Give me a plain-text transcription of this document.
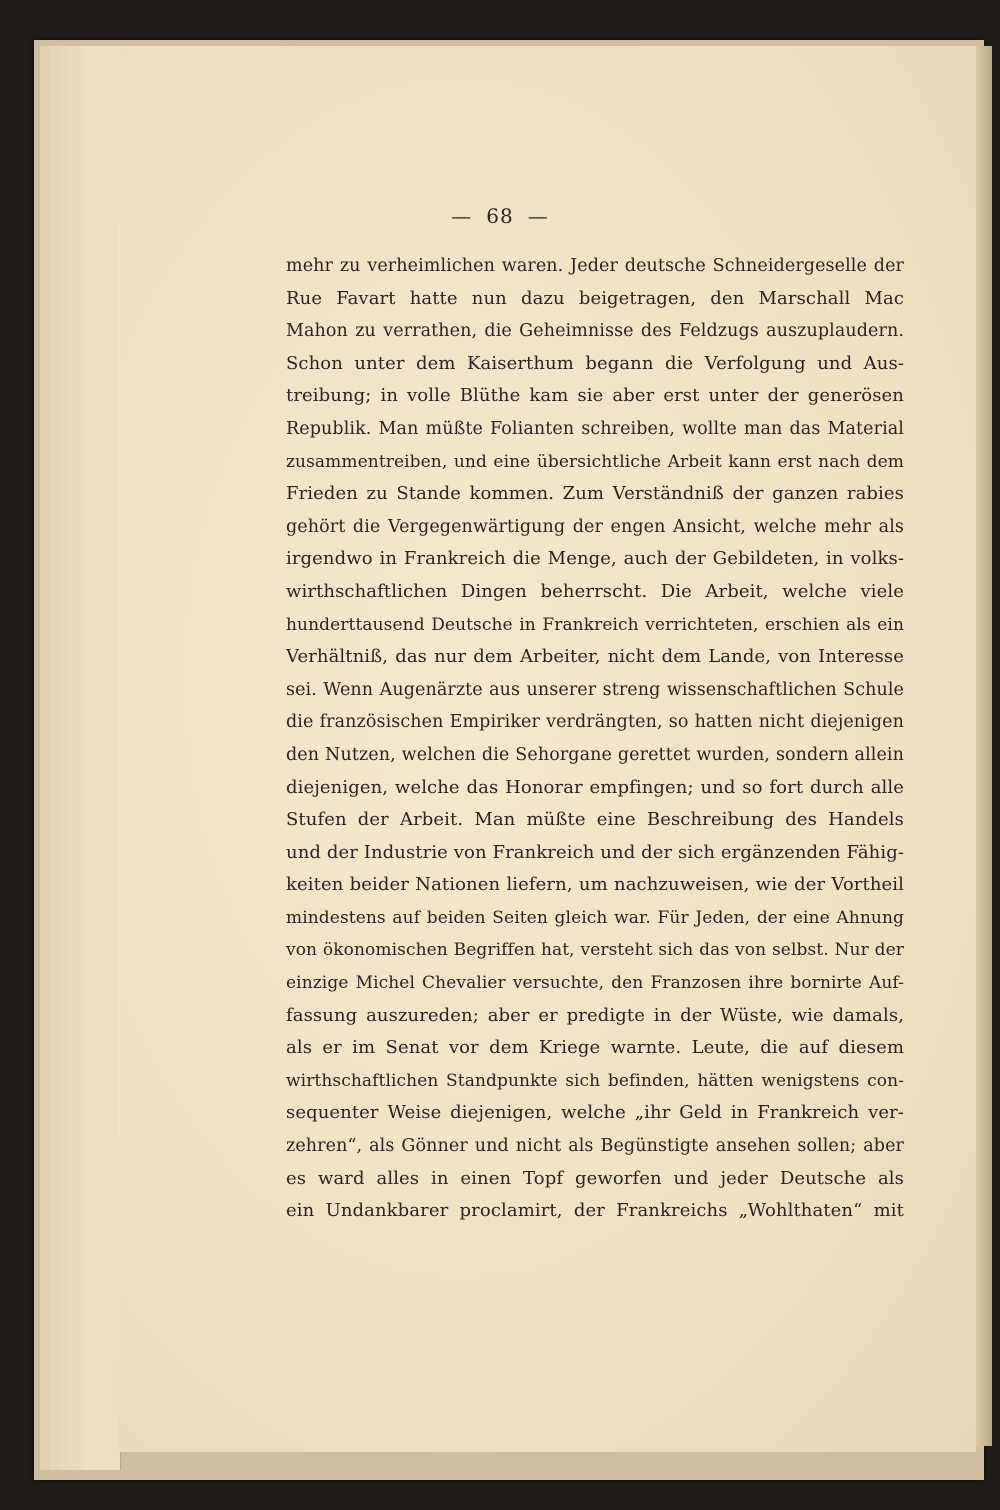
— 68 —
mehr zu verheimlichen waren. Jeder deutsche Schneidergeselle der
Rue Favart hatte nun dazu beigetragen, den Marschall Mac
Mahon zu verrathen, die Geheimnisse des Feldzugs auszuplaudern.
Schon unter dem Kaiserthum begann die Verfolgung und Aus-
treibung; in volle Blüthe kam sie aber erst unter der generösen
Republik. Man müßte Folianten schreiben, wollte man das Material
zusammentreiben, und eine übersichtliche Arbeit kann erst nach dem
Frieden zu Stande kommen. Zum Verständniß der ganzen rabies
gehört die Vergegenwärtigung der engen Ansicht, welche mehr als
irgendwo in Frankreich die Menge, auch der Gebildeten, in volks-
wirthschaftlichen Dingen beherrscht. Die Arbeit, welche viele
hunderttausend Deutsche in Frankreich verrichteten, erschien als ein
Verhältniß, das nur dem Arbeiter, nicht dem Lande, von Interesse
sei. Wenn Augenärzte aus unserer streng wissenschaftlichen Schule
die französischen Empiriker verdrängten, so hatten nicht diejenigen
den Nutzen, welchen die Sehorgane gerettet wurden, sondern allein
diejenigen, welche das Honorar empfingen; und so fort durch alle
Stufen der Arbeit. Man müßte eine Beschreibung des Handels
und der Industrie von Frankreich und der sich ergänzenden Fähig-
keiten beider Nationen liefern, um nachzuweisen, wie der Vortheil
mindestens auf beiden Seiten gleich war. Für Jeden, der eine Ahnung
von ökonomischen Begriffen hat, versteht sich das von selbst. Nur der
einzige Michel Chevalier versuchte, den Franzosen ihre bornirte Auf-
fassung auszureden; aber er predigte in der Wüste, wie damals,
als er im Senat vor dem Kriege warnte. Leute, die auf diesem
wirthschaftlichen Standpunkte sich befinden, hätten wenigstens con-
sequenter Weise diejenigen, welche „ihr Geld in Frankreich ver-
zehren“, als Gönner und nicht als Begünstigte ansehen sollen; aber
es ward alles in einen Topf geworfen und jeder Deutsche als
ein Undankbarer proclamirt, der Frankreichs „Wohlthaten“ mit
